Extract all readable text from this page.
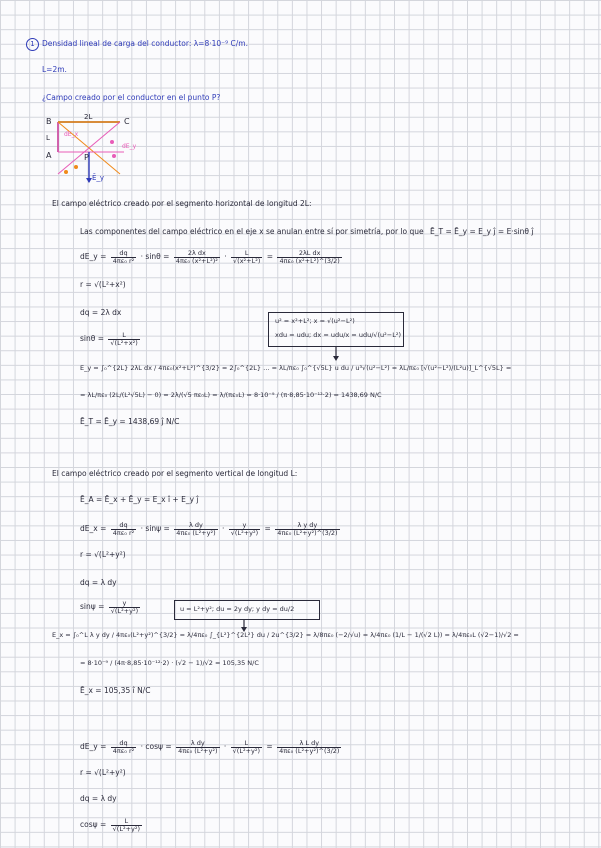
1 Densidad lineal de carga del conductor: λ=8·10⁻⁹ C/m.
L=2m.
¿Campo creado por el conductor en el punto P?
B	2L	C
L
A	P
Ē_y
dE_x
dE_y
El campo eléctrico creado por el segmento horizontal de longitud 2L:
Las componentes del campo eléctrico en el eje x se anulan entre sí por simetría, por lo que Ē_T = Ē_y = E_y ĵ = E·sinθ ĵ
dE_y = $\frac{dq}{\text{4πε₀ r²}} \cdot \sin\theta = \frac{\text{2λ dx}}{\text{4πε₀ (x²+L²)²}} \cdot \frac{L}{\text{√(x²+L²)}} = \frac{\text{2λL dx}}{\text{4πε₀ (x²+L²)\textasciicircum{}(3/2)}}$
r = √(L²+x²)
dq = 2λ dx
$\sin\theta = \frac{L}{\text{√(L²+x²)}}$
u² = x²+L²; x = √(u²−L²)
xdu = udu; dx = udu/x = udu/√(u²−L²)
E_y = ∫₀^{2L} 2λL dx / 4πε₀(x²+L²)^{3/2} = 2∫₀^{2L} … = λL/πε₀ ∫₀^{√5L} u du / u³√(u²−L²) = λL/πε₀ [√(u²−L²)/(L²u)]_L^{√5L} =
= λL/πε₀ (2L/(L²√5L) − 0) = 2λ/(√5 πε₀L) = λ/(πε₀L) = 8·10⁻⁹ / (π·8,85·10⁻¹²·2) = 1438,69 N/C
Ē_T = Ē_y = 1438,69 ĵ N/C
El campo eléctrico creado por el segmento vertical de longitud L:
Ē_A = Ē_x + Ē_y = E_x î + E_y ĵ
dE_x = $\frac{dq}{\text{4πε₀ r²}} \cdot \sin\psi = \frac{\text{λ dy}}{\text{4πε₀ (L²+y²)}} \cdot \frac{y}{\text{√(L²+y²)}} = \frac{\text{λ y dy}}{\text{4πε₀ (L²+y²)\textasciicircum{}(3/2)}}$
r = √(L²+y²)
dq = λ dy
$\sin\psi = \frac{y}{\text{√(L²+y²)}}$	u = L²+y²; du = 2y dy; y dy = du/2
E_x = ∫₀^L λ y dy / 4πε₀(L²+y²)^{3/2} = λ/4πε₀ ∫_{L²}^{2L²} du / 2u^{3/2} = λ/8πε₀ (−2/√u) = λ/4πε₀ (1/L − 1/(√2 L)) = λ/4πε₀L (√2−1)/√2 =
= 8·10⁻⁹ / (4π·8,85·10⁻¹²·2) · (√2 − 1)/√2 = 105,35 N/C
Ē_x = 105,35 î N/C
dE_y = $\frac{dq}{\text{4πε₀ r²}} \cdot \cos\psi = \frac{\text{λ dy}}{\text{4πε₀ (L²+y²)}} \cdot \frac{L}{\text{√(L²+y²)}} = \frac{\text{λ L dy}}{\text{4πε₀ (L²+y²)\textasciicircum{}(3/2)}}$
r = √(L²+y²)
dq = λ dy
$\cos\psi = \frac{L}{\text{√(L²+y²)}}$
